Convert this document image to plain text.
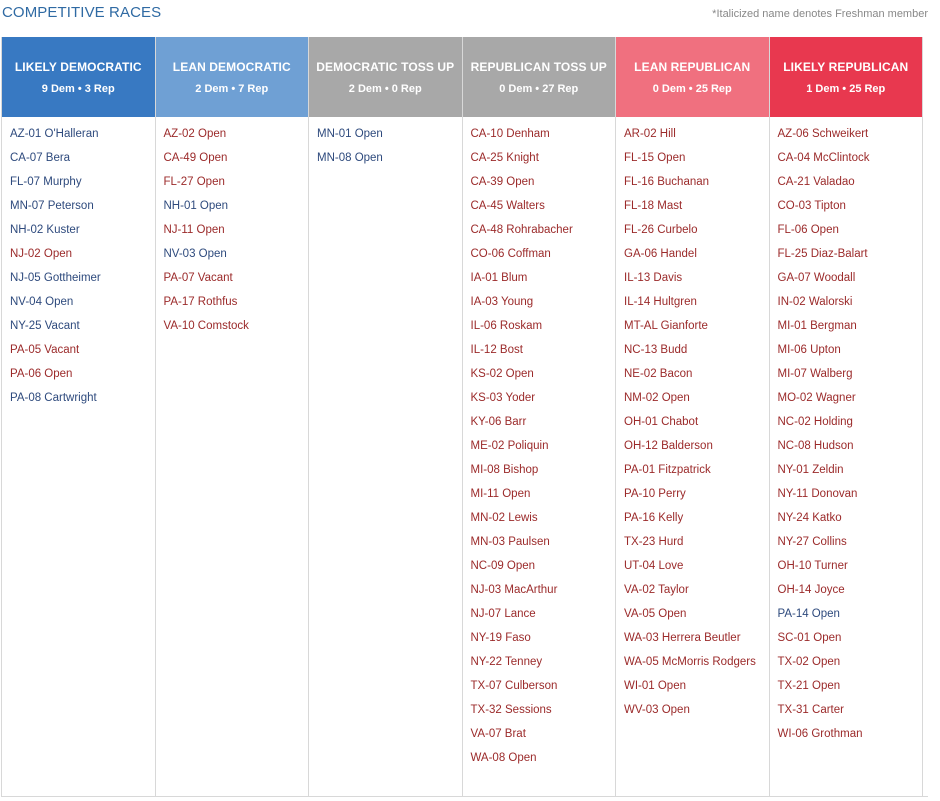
COMPETITIVE RACES	*Italicized name denotes Freshman member
LIKELY DEMOCRATIC
9 Dem • 3 Rep
AZ-01 O'Halleran
CA-07 Bera
FL-07 Murphy
MN-07 Peterson
NH-02 Kuster
NJ-02 Open
NJ-05 Gottheimer
NV-04 Open
NY-25 Vacant
PA-05 Vacant
PA-06 Open
PA-08 Cartwright
LEAN DEMOCRATIC
2 Dem • 7 Rep
AZ-02 Open
CA-49 Open
FL-27 Open
NH-01 Open
NJ-11 Open
NV-03 Open
PA-07 Vacant
PA-17 Rothfus
VA-10 Comstock
DEMOCRATIC TOSS UP
2 Dem • 0 Rep
MN-01 Open
MN-08 Open
REPUBLICAN TOSS UP
0 Dem • 27 Rep
CA-10 Denham
CA-25 Knight
CA-39 Open
CA-45 Walters
CA-48 Rohrabacher
CO-06 Coffman
IA-01 Blum
IA-03 Young
IL-06 Roskam
IL-12 Bost
KS-02 Open
KS-03 Yoder
KY-06 Barr
ME-02 Poliquin
MI-08 Bishop
MI-11 Open
MN-02 Lewis
MN-03 Paulsen
NC-09 Open
NJ-03 MacArthur
NJ-07 Lance
NY-19 Faso
NY-22 Tenney
TX-07 Culberson
TX-32 Sessions
VA-07 Brat
WA-08 Open
LEAN REPUBLICAN
0 Dem • 25 Rep
AR-02 Hill
FL-15 Open
FL-16 Buchanan
FL-18 Mast
FL-26 Curbelo
GA-06 Handel
IL-13 Davis
IL-14 Hultgren
MT-AL Gianforte
NC-13 Budd
NE-02 Bacon
NM-02 Open
OH-01 Chabot
OH-12 Balderson
PA-01 Fitzpatrick
PA-10 Perry
PA-16 Kelly
TX-23 Hurd
UT-04 Love
VA-02 Taylor
VA-05 Open
WA-03 Herrera Beutler
WA-05 McMorris Rodgers
WI-01 Open
WV-03 Open
LIKELY REPUBLICAN
1 Dem • 25 Rep
AZ-06 Schweikert
CA-04 McClintock
CA-21 Valadao
CO-03 Tipton
FL-06 Open
FL-25 Diaz-Balart
GA-07 Woodall
IN-02 Walorski
MI-01 Bergman
MI-06 Upton
MI-07 Walberg
MO-02 Wagner
NC-02 Holding
NC-08 Hudson
NY-01 Zeldin
NY-11 Donovan
NY-24 Katko
NY-27 Collins
OH-10 Turner
OH-14 Joyce
PA-14 Open
SC-01 Open
TX-02 Open
TX-21 Open
TX-31 Carter
WI-06 Grothman
